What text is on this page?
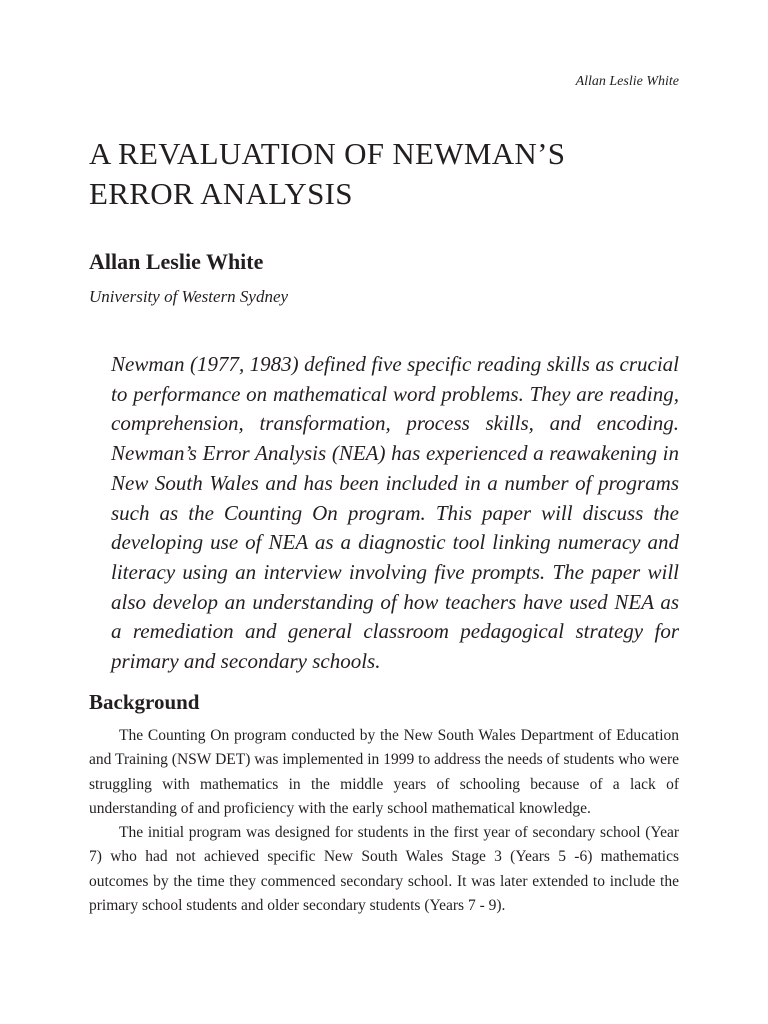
Allan Leslie White
A REVALUATION OF NEWMAN’S
ERROR ANALYSIS
Allan Leslie White
University of Western Sydney
Newman (1977, 1983) defined five specific reading skills as crucial to performance on mathematical word problems. They are reading, comprehension, transformation, process skills, and encoding. Newman’s Error Analysis (NEA) has experienced a reawakening in New South Wales and has been included in a number of programs such as the Counting On program. This paper will discuss the developing use of NEA as a diagnostic tool linking numeracy and literacy using an interview involving five prompts. The paper will also develop an understanding of how teachers have used NEA as a remediation and general classroom pedagogical strategy for primary and secondary schools.
Background

The Counting On program conducted by the New South Wales Department of Education and Training (NSW DET) was implemented in 1999 to address the needs of students who were struggling with mathematics in the middle years of schooling because of a lack of understanding of and proficiency with the early school mathematical knowledge.

The initial program was designed for students in the first year of secondary school (Year 7) who had not achieved specific New South Wales Stage 3 (Years 5 -6) mathematics outcomes by the time they commenced secondary school. It was later extended to include the primary school students and older secondary students (Years 7 - 9).
